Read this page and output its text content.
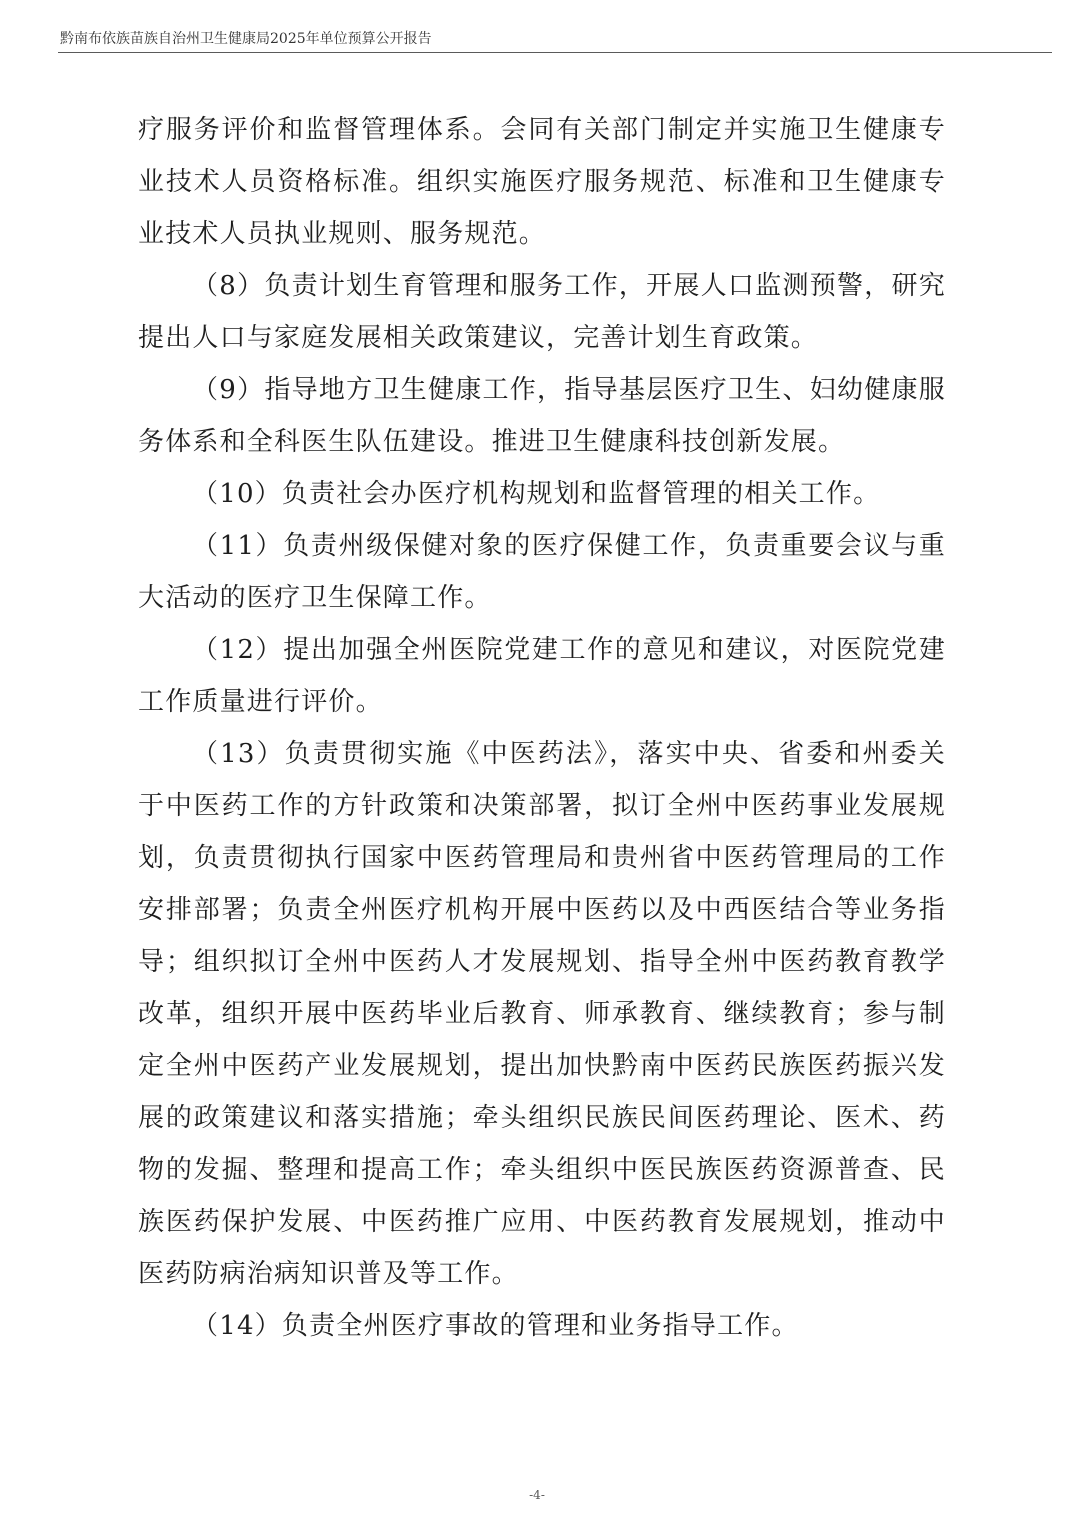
黔南布依族苗族自治州卫生健康局2025年单位预算公开报告

疗服务评价和监督管理体系。会同有关部门制定并实施卫生健康专业技术人员资格标准。组织实施医疗服务规范、标准和卫生健康专业技术人员执业规则、服务规范。

（8）负责计划生育管理和服务工作，开展人口监测预警，研究提出人口与家庭发展相关政策建议，完善计划生育政策。

（9）指导地方卫生健康工作，指导基层医疗卫生、妇幼健康服务体系和全科医生队伍建设。推进卫生健康科技创新发展。

（10）负责社会办医疗机构规划和监督管理的相关工作。

（11）负责州级保健对象的医疗保健工作，负责重要会议与重大活动的医疗卫生保障工作。

（12）提出加强全州医院党建工作的意见和建议，对医院党建工作质量进行评价。

（13）负责贯彻实施《中医药法》，落实中央、省委和州委关于中医药工作的方针政策和决策部署，拟订全州中医药事业发展规划，负责贯彻执行国家中医药管理局和贵州省中医药管理局的工作安排部署；负责全州医疗机构开展中医药以及中西医结合等业务指导；组织拟订全州中医药人才发展规划、指导全州中医药教育教学改革，组织开展中医药毕业后教育、师承教育、继续教育；参与制定全州中医药产业发展规划，提出加快黔南中医药民族医药振兴发展的政策建议和落实措施；牵头组织民族民间医药理论、医术、药物的发掘、整理和提高工作；牵头组织中医民族医药资源普查、民族医药保护发展、中医药推广应用、中医药教育发展规划，推动中医药防病治病知识普及等工作。

（14）负责全州医疗事故的管理和业务指导工作。

-4-
